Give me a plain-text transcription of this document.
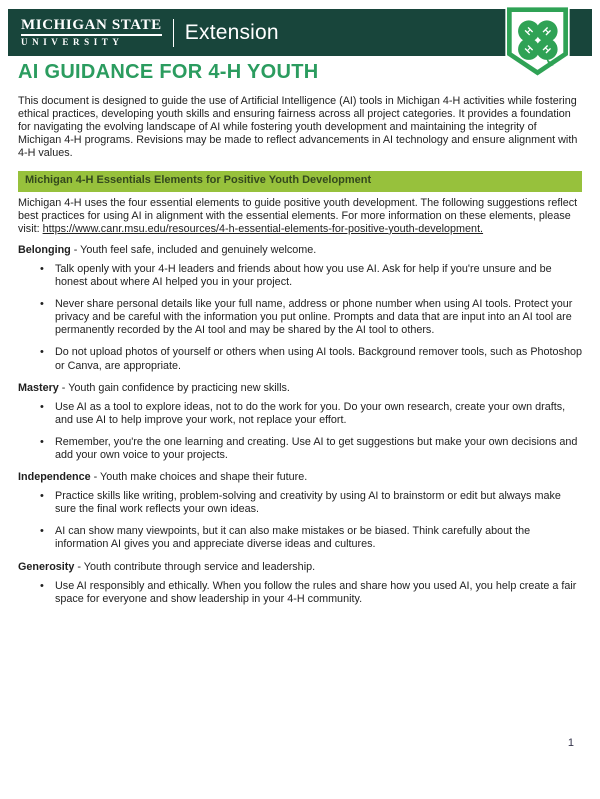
MICHIGAN STATE
UNIVERSITY	Extension	H H
H H
AI GUIDANCE FOR 4-H YOUTH

This document is designed to guide the use of Artificial Intelligence (AI) tools in Michigan 4-H activities while fostering ethical practices, developing youth skills and ensuring fairness across all project categories. It provides a foundation for navigating the evolving landscape of AI while fostering youth development and maintaining the integrity of Michigan 4-H programs. Revisions may be made to reflect advancements in AI technology and ensure alignment with 4-H values.

Michigan 4-H Essentials Elements for Positive Youth Development

Michigan 4-H uses the four essential elements to guide positive youth development. The following suggestions reflect best practices for using AI in alignment with the essential elements. For more information on these elements, please visit: https://www.canr.msu.edu/resources/4-h-essential-elements-for-positive-youth-development.

Belonging - Youth feel safe, included and genuinely welcome.

• Talk openly with your 4-H leaders and friends about how you use AI. Ask for help if you're unsure and be honest about where AI helped you in your project.
• Never share personal details like your full name, address or phone number when using AI tools. Protect your privacy and be careful with the information you put online. Prompts and data that are input into an AI tool are permanently recorded by the AI tool and may be shared by the AI tool to others.
• Do not upload photos of yourself or others when using AI tools. Background remover tools, such as Photoshop or Canva, are appropriate.

Mastery - Youth gain confidence by practicing new skills.

• Use AI as a tool to explore ideas, not to do the work for you. Do your own research, create your own drafts, and use AI to help improve your work, not replace your effort.
• Remember, you're the one learning and creating. Use AI to get suggestions but make your own decisions and add your own voice to your projects.

Independence - Youth make choices and shape their future.

• Practice skills like writing, problem-solving and creativity by using AI to brainstorm or edit but always make sure the final work reflects your own ideas.
• AI can show many viewpoints, but it can also make mistakes or be biased. Think carefully about the information AI gives you and appreciate diverse ideas and cultures.

Generosity - Youth contribute through service and leadership.

• Use AI responsibly and ethically. When you follow the rules and share how you used AI, you help create a fair space for everyone and show leadership in your 4-H community.
1
